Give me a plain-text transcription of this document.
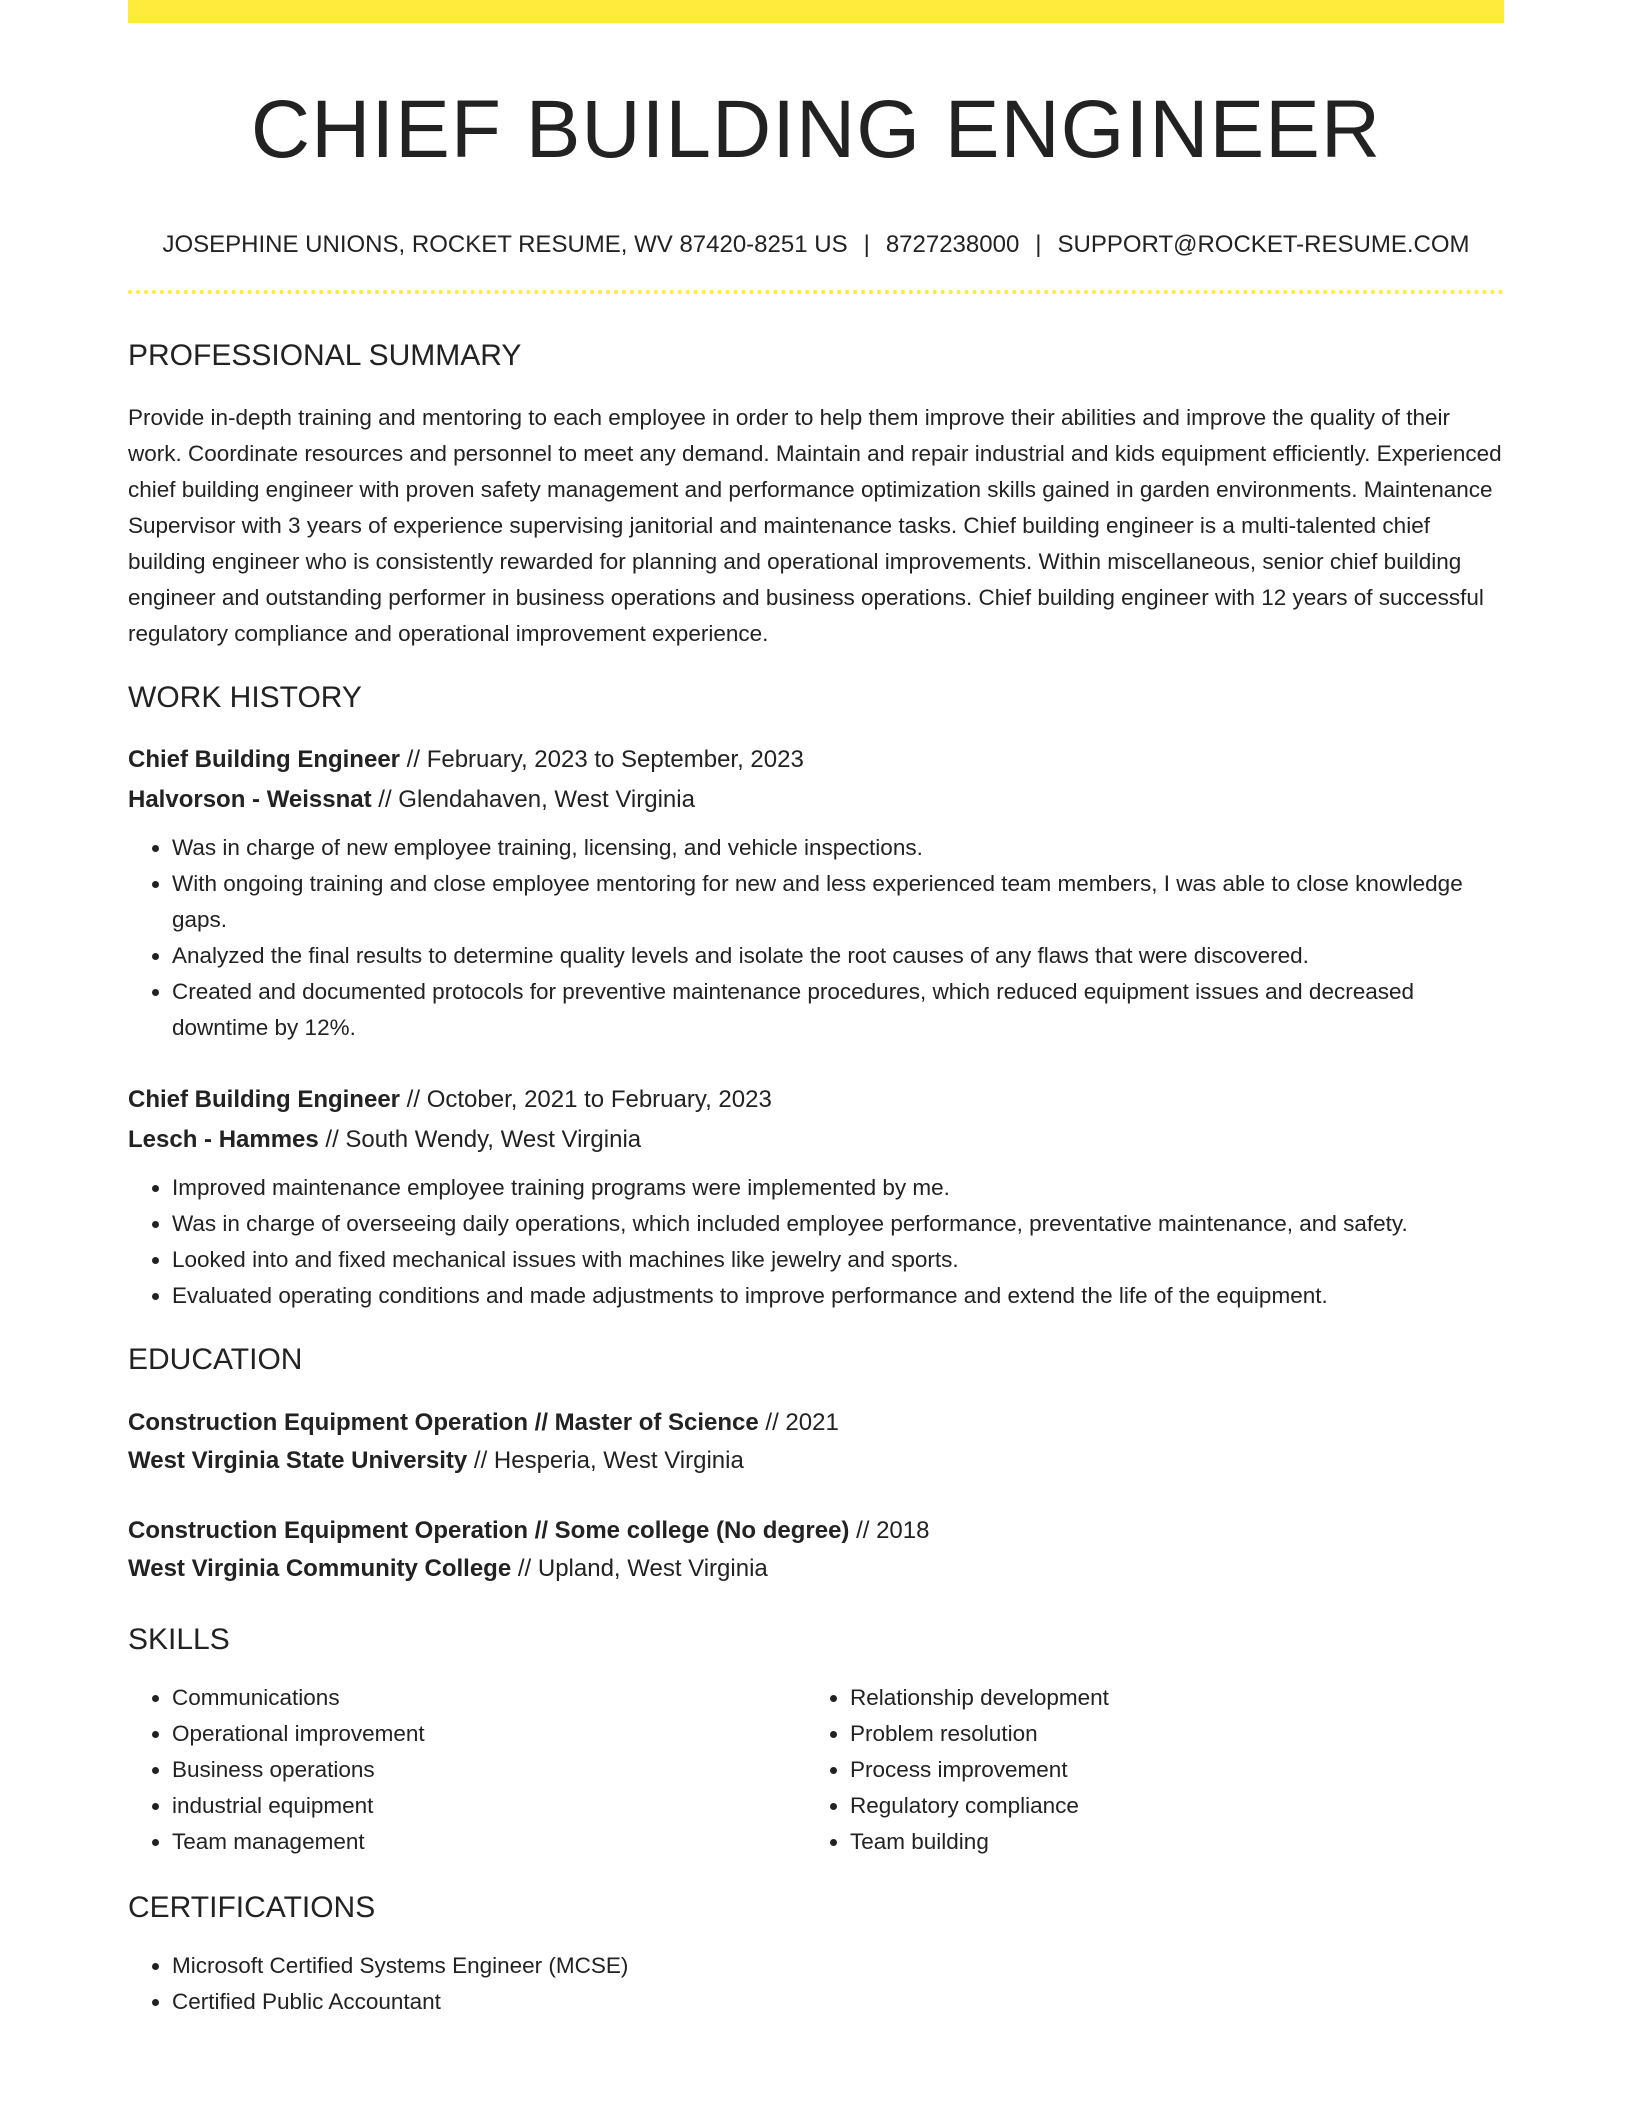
CHIEF BUILDING ENGINEER
JOSEPHINE UNIONS, ROCKET RESUME, WV 87420-8251 US | 8727238000 | SUPPORT@ROCKET-RESUME.COM
PROFESSIONAL SUMMARY

Provide in-depth training and mentoring to each employee in order to help them improve their abilities and improve the quality of their work. Coordinate resources and personnel to meet any demand. Maintain and repair industrial and kids equipment efficiently. Experienced chief building engineer with proven safety management and performance optimization skills gained in garden environments. Maintenance Supervisor with 3 years of experience supervising janitorial and maintenance tasks. Chief building engineer is a multi-talented chief building engineer who is consistently rewarded for planning and operational improvements. Within miscellaneous, senior chief building engineer and outstanding performer in business operations and business operations. Chief building engineer with 12 years of successful regulatory compliance and operational improvement experience.

WORK HISTORY
Chief Building Engineer // February, 2023 to September, 2023
Halvorson - Weissnat // Glendahaven, West Virginia
• Was in charge of new employee training, licensing, and vehicle inspections.
• With ongoing training and close employee mentoring for new and less experienced team members, I was able to close knowledge gaps.
• Analyzed the final results to determine quality levels and isolate the root causes of any flaws that were discovered.
• Created and documented protocols for preventive maintenance procedures, which reduced equipment issues and decreased downtime by 12%.
Chief Building Engineer // October, 2021 to February, 2023
Lesch - Hammes // South Wendy, West Virginia
• Improved maintenance employee training programs were implemented by me.
• Was in charge of overseeing daily operations, which included employee performance, preventative maintenance, and safety.
• Looked into and fixed mechanical issues with machines like jewelry and sports.
• Evaluated operating conditions and made adjustments to improve performance and extend the life of the equipment.
EDUCATION
Construction Equipment Operation // Master of Science // 2021
West Virginia State University // Hesperia, West Virginia
Construction Equipment Operation // Some college (No degree) // 2018
West Virginia Community College // Upland, West Virginia
SKILLS
• Communications
• Operational improvement
• Business operations
• industrial equipment
• Team management
• Relationship development
• Problem resolution
• Process improvement
• Regulatory compliance
• Team building
CERTIFICATIONS
• Microsoft Certified Systems Engineer (MCSE)
• Certified Public Accountant
